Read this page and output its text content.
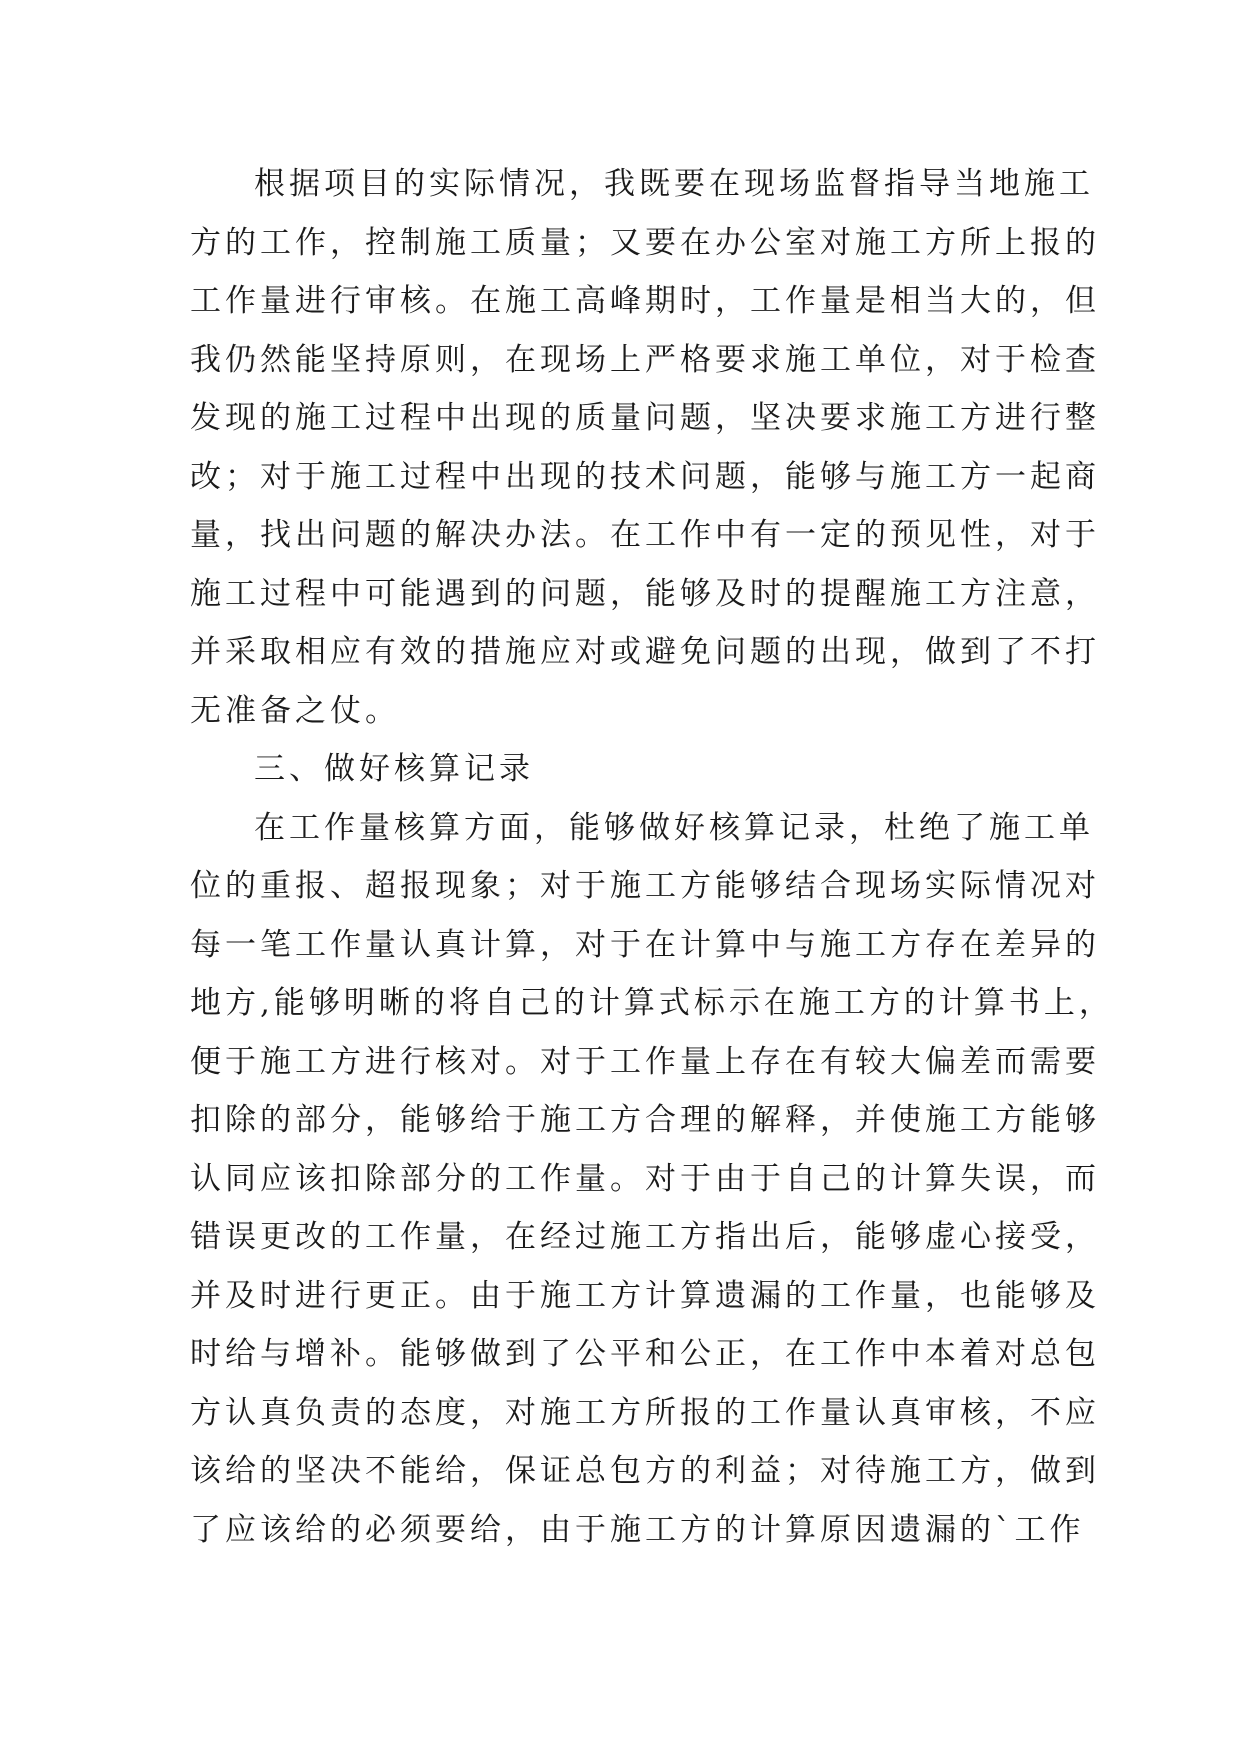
根据项目的实际情况，我既要在现场监督指导当地施工
方的工作，控制施工质量；又要在办公室对施工方所上报的
工作量进行审核。在施工高峰期时，工作量是相当大的，但
我仍然能坚持原则，在现场上严格要求施工单位，对于检查
发现的施工过程中出现的质量问题，坚决要求施工方进行整
改；对于施工过程中出现的技术问题，能够与施工方一起商
量，找出问题的解决办法。在工作中有一定的预见性，对于
施工过程中可能遇到的问题，能够及时的提醒施工方注意，
并采取相应有效的措施应对或避免问题的出现，做到了不打
无准备之仗。
三、做好核算记录
在工作量核算方面，能够做好核算记录，杜绝了施工单
位的重报、超报现象；对于施工方能够结合现场实际情况对
每一笔工作量认真计算，对于在计算中与施工方存在差异的
地方,能够明晰的将自己的计算式标示在施工方的计算书上，
便于施工方进行核对。对于工作量上存在有较大偏差而需要
扣除的部分，能够给于施工方合理的解释，并使施工方能够
认同应该扣除部分的工作量。对于由于自己的计算失误，而
错误更改的工作量，在经过施工方指出后，能够虚心接受，
并及时进行更正。由于施工方计算遗漏的工作量，也能够及
时给与增补。能够做到了公平和公正，在工作中本着对总包
方认真负责的态度，对施工方所报的工作量认真审核，不应
该给的坚决不能给，保证总包方的利益；对待施工方，做到
了应该给的必须要给，由于施工方的计算原因遗漏的`工作
